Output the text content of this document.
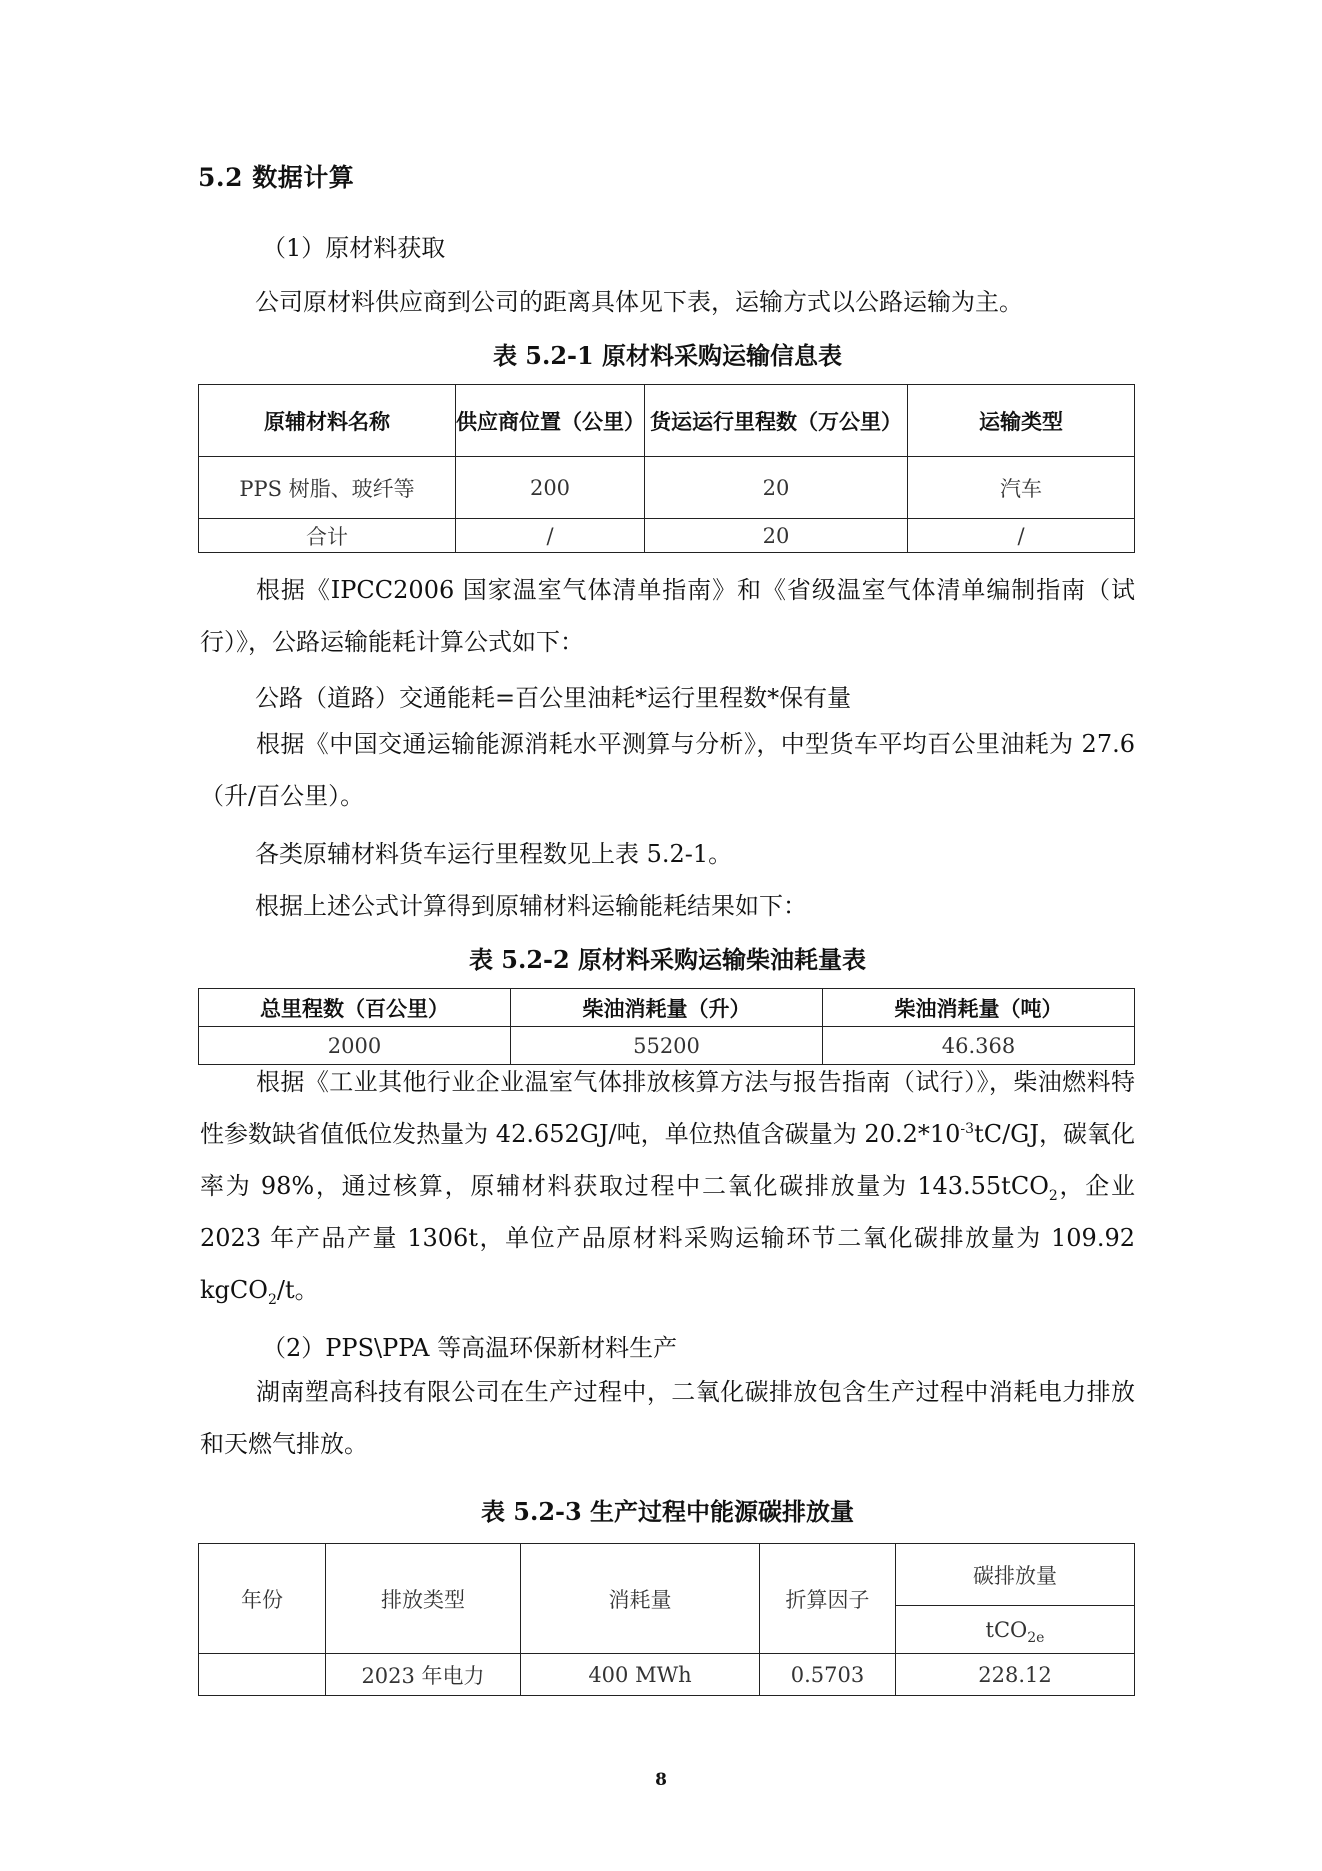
5.2 数据计算
（1）原材料获取
公司原材料供应商到公司的距离具体见下表，运输方式以公路运输为主。
表 5.2-1 原材料采购运输信息表
原辅材料名称	供应商位置（公里）	货运运行里程数（万公里）	运输类型
PPS 树脂、玻纤等	200	20	汽车
合计	/	20	/
根据《IPCC2006 国家温室气体清单指南》和《省级温室气体清单编制指南（试行）》，公路运输能耗计算公式如下：
公路（道路）交通能耗=百公里油耗*运行里程数*保有量
根据《中国交通运输能源消耗水平测算与分析》，中型货车平均百公里油耗为 27.6（升/百公里）。
各类原辅材料货车运行里程数见上表 5.2-1。
根据上述公式计算得到原辅材料运输能耗结果如下：
表 5.2-2 原材料采购运输柴油耗量表
总里程数（百公里）	柴油消耗量（升）	柴油消耗量（吨）
2000	55200	46.368
根据《工业其他行业企业温室气体排放核算方法与报告指南（试行）》，柴油燃料特性参数缺省值低位发热量为 42.652GJ/吨，单位热值含碳量为 $20.2*10^{-3}tC/GJ$，碳氧化率为 98%，通过核算，原辅材料获取过程中二氧化碳排放量为 143.55tCO$_2$，企业 2023 年产品产量 1306t，单位产品原材料采购运输环节二氧化碳排放量为 109.92 kgCO$_2$/t。
（2）PPS\PPA 等高温环保新材料生产
湖南塑高科技有限公司在生产过程中，二氧化碳排放包含生产过程中消耗电力排放和天燃气排放。
表 5.2-3 生产过程中能源碳排放量
年份	排放类型	消耗量	折算因子	碳排放量
				tCO$_{2e}$
	2023 年电力	400 MWh	0.5703	228.12
8
